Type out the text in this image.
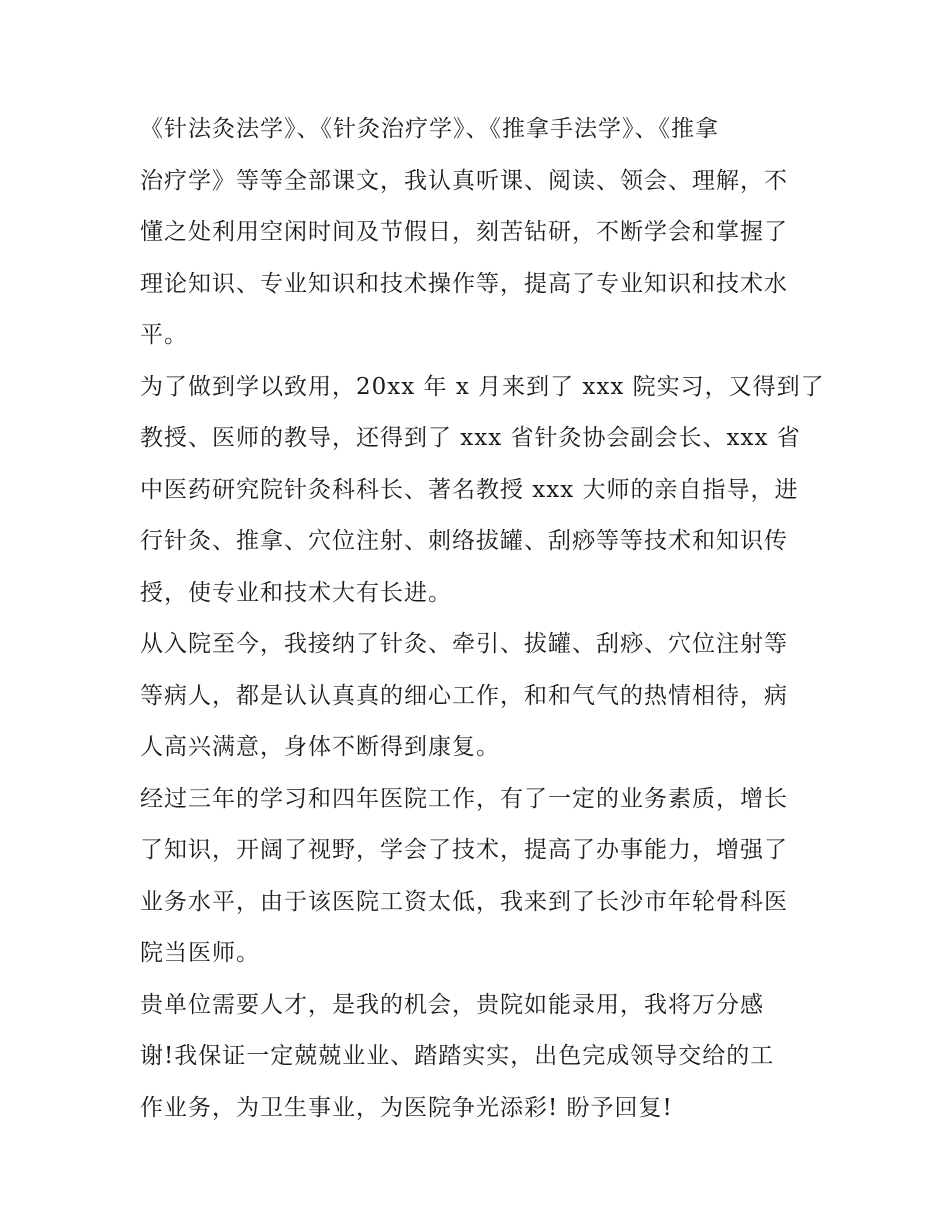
《针法灸法学》、《针灸治疗学》、《推拿手法学》、《推拿
治疗学》等等全部课文，我认真听课、阅读、领会、理解，不
懂之处利用空闲时间及节假日，刻苦钻研，不断学会和掌握了
理论知识、专业知识和技术操作等，提高了专业知识和技术水
平。
为了做到学以致用，20xx 年 x 月来到了 xxx 院实习，又得到了
教授、医师的教导，还得到了 xxx 省针灸协会副会长、xxx 省
中医药研究院针灸科科长、著名教授 xxx 大师的亲自指导，进
行针灸、推拿、穴位注射、刺络拔罐、刮痧等等技术和知识传
授，使专业和技术大有长进。
从入院至今，我接纳了针灸、牵引、拔罐、刮痧、穴位注射等
等病人，都是认认真真的细心工作，和和气气的热情相待，病
人高兴满意，身体不断得到康复。
经过三年的学习和四年医院工作，有了一定的业务素质，增长
了知识，开阔了视野，学会了技术，提高了办事能力，增强了
业务水平，由于该医院工资太低，我来到了长沙市年轮骨科医
院当医师。
贵单位需要人才，是我的机会，贵院如能录用，我将万分感
谢!我保证一定兢兢业业、踏踏实实，出色完成领导交给的工
作业务，为卫生事业，为医院争光添彩! 盼予回复!
